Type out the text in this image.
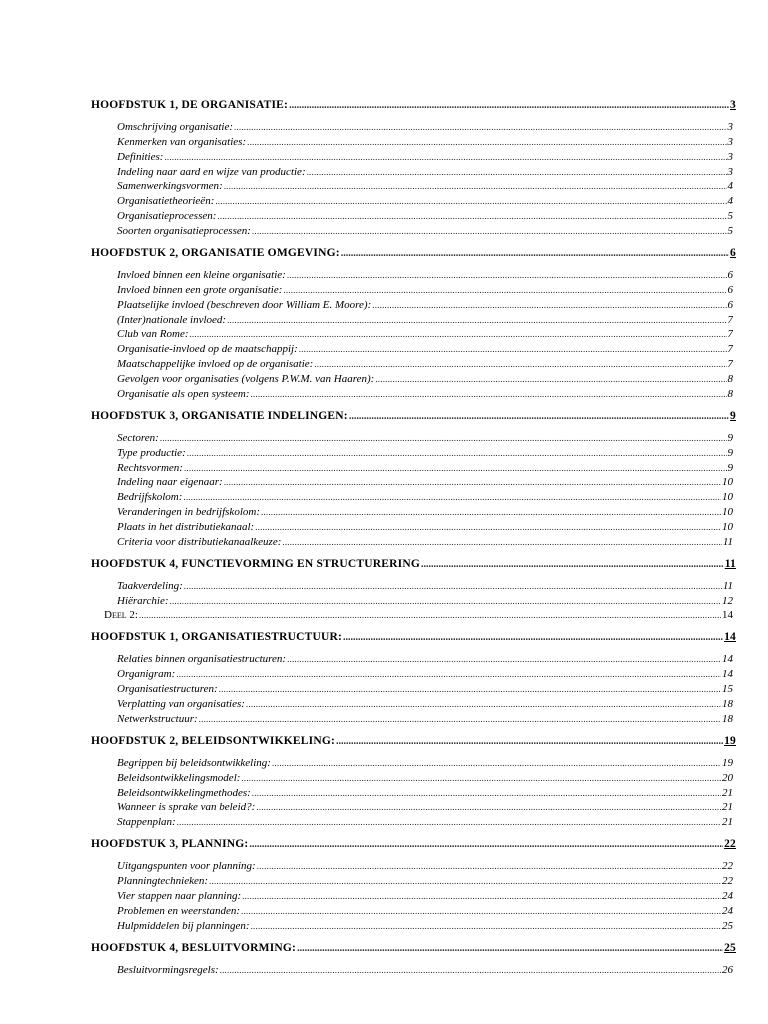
HOOFDSTUK 1, DE ORGANISATIE: .....	3
Omschrijving organisatie: .....	3
Kenmerken van organisaties: .....	3
Definities: .....	3
Indeling naar aard en wijze van productie: .....	3
Samenwerkingsvormen: .....	4
Organisatietheorieën: .....	4
Organisatieprocessen: .....	5
Soorten organisatieprocessen: .....	5
HOOFDSTUK 2, ORGANISATIE OMGEVING: .....	6
Invloed binnen een kleine organisatie: .....	6
Invloed binnen een grote organisatie: .....	6
Plaatselijke invloed (beschreven door William E. Moore): .....	6
(Inter)nationale invloed: .....	7
Club van Rome: .....	7
Organisatie-invloed op de maatschappij: .....	7
Maatschappelijke invloed op de organisatie: .....	7
Gevolgen voor organisaties (volgens P.W.M. van Haaren): .....	8
Organisatie als open systeem: .....	8
HOOFDSTUK 3, ORGANISATIE INDELINGEN: .....	9
Sectoren: .....	9
Type productie: .....	9
Rechtsvormen: .....	9
Indeling naar eigenaar: .....	10
Bedrijfskolom: .....	10
Veranderingen in bedrijfskolom: .....	10
Plaats in het distributiekanaal: .....	10
Criteria voor distributiekanaalkeuze: .....	11
HOOFDSTUK 4, FUNCTIEVORMING EN STRUCTURERING .....	11
Taakverdeling: .....	11
Hiërarchie: .....	12
Deel 2: .....	14
HOOFDSTUK 1, ORGANISATIESTRUCTUUR: .....	14
Relaties binnen organisatiestructuren: .....	14
Organigram: .....	14
Organisatiestructuren: .....	15
Verplatting van organisaties: .....	18
Netwerkstructuur: .....	18
HOOFDSTUK 2, BELEIDSONTWIKKELING: .....	19
Begrippen bij beleidsontwikkeling: .....	19
Beleidsontwikkelingsmodel: .....	20
Beleidsontwikkelingmethodes: .....	21
Wanneer is sprake van beleid?: .....	21
Stappenplan: .....	21
HOOFDSTUK 3, PLANNING: .....	22
Uitgangspunten voor planning: .....	22
Planningtechnieken: .....	22
Vier stappen naar planning: .....	24
Problemen en weerstanden: .....	24
Hulpmiddelen bij planningen: .....	25
HOOFDSTUK 4, BESLUITVORMING: .....	25
Besluitvormingsregels: .....	26
